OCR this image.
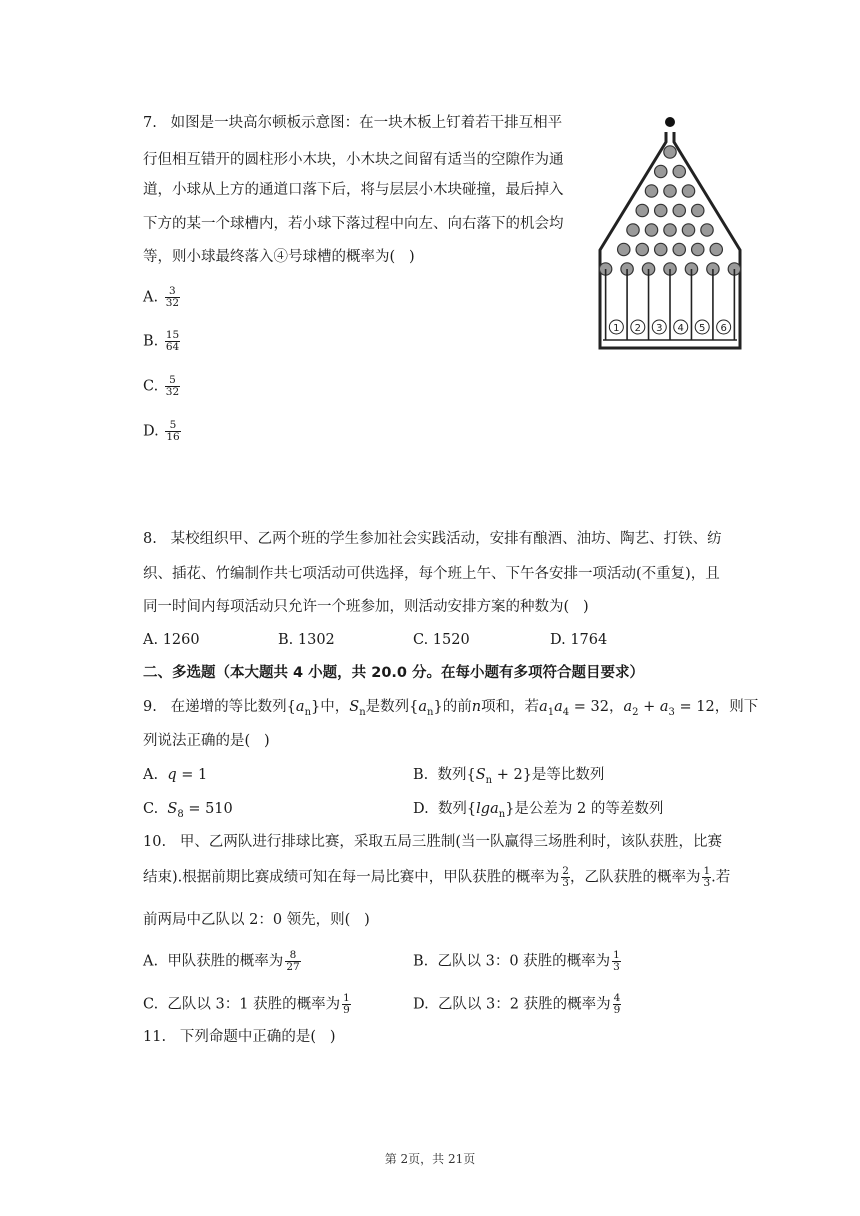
7.   如图是一块高尔顿板示意图：在一块木板上钉着若干排互相平
行但相互错开的圆柱形小木块，小木块之间留有适当的空隙作为通
道，小球从上方的通道口落下后，将与层层小木块碰撞，最后掉入
下方的某一个球槽内，若小球下落过程中向左、向右落下的机会均
等，则小球最终落入④号球槽的概率为(   )
A. $\frac{3}{32}$
B. $\frac{15}{64}$
C. $\frac{5}{32}$
D. $\frac{5}{16}$
1 2 3 4 5 6
8.   某校组织甲、乙两个班的学生参加社会实践活动，安排有酿酒、油坊、陶艺、打铁、纺
织、插花、竹编制作共七项活动可供选择，每个班上午、下午各安排一项活动(不重复)，且
同一时间内每项活动只允许一个班参加，则活动安排方案的种数为(   )
A. 1260	B. 1302	C. 1520	D. 1764
二、多选题（本大题共 4 小题，共 20.0 分。在每小题有多项符合题目要求）
9. 在递增的等比数列$\{a_n\}$中，$S_n$是数列$\{a_n\}$的前n项和，若$a_1a_4 = 32$，$a_2 + a_3 = 12$，则下
列说法正确的是(   )
A. q = 1	B. 数列$\{S_n + 2\}$是等比数列
C. $S_8 = 510$	D. 数列{lga$_n$}是公差为 2 的等差数列
10.   甲、乙两队进行排球比赛，采取五局三胜制(当一队赢得三场胜利时，该队获胜，比赛
结束).根据前期比赛成绩可知在每一局比赛中，甲队获胜的概率为 $\frac{2}{3}$ ，乙队获胜的概率为 $\frac{1}{3}$ .若
前两局中乙队以 2：0 领先，则(   )
A. 甲队获胜的概率为 $\frac{8}{27}$	B. 乙队以 3：0 获胜的概率为 $\frac{1}{3}$
C. 乙队以 3：1 获胜的概率为 $\frac{1}{9}$	D. 乙队以 3：2 获胜的概率为 $\frac{4}{9}$
11.   下列命题中正确的是(   )
第 2页，共 21页
